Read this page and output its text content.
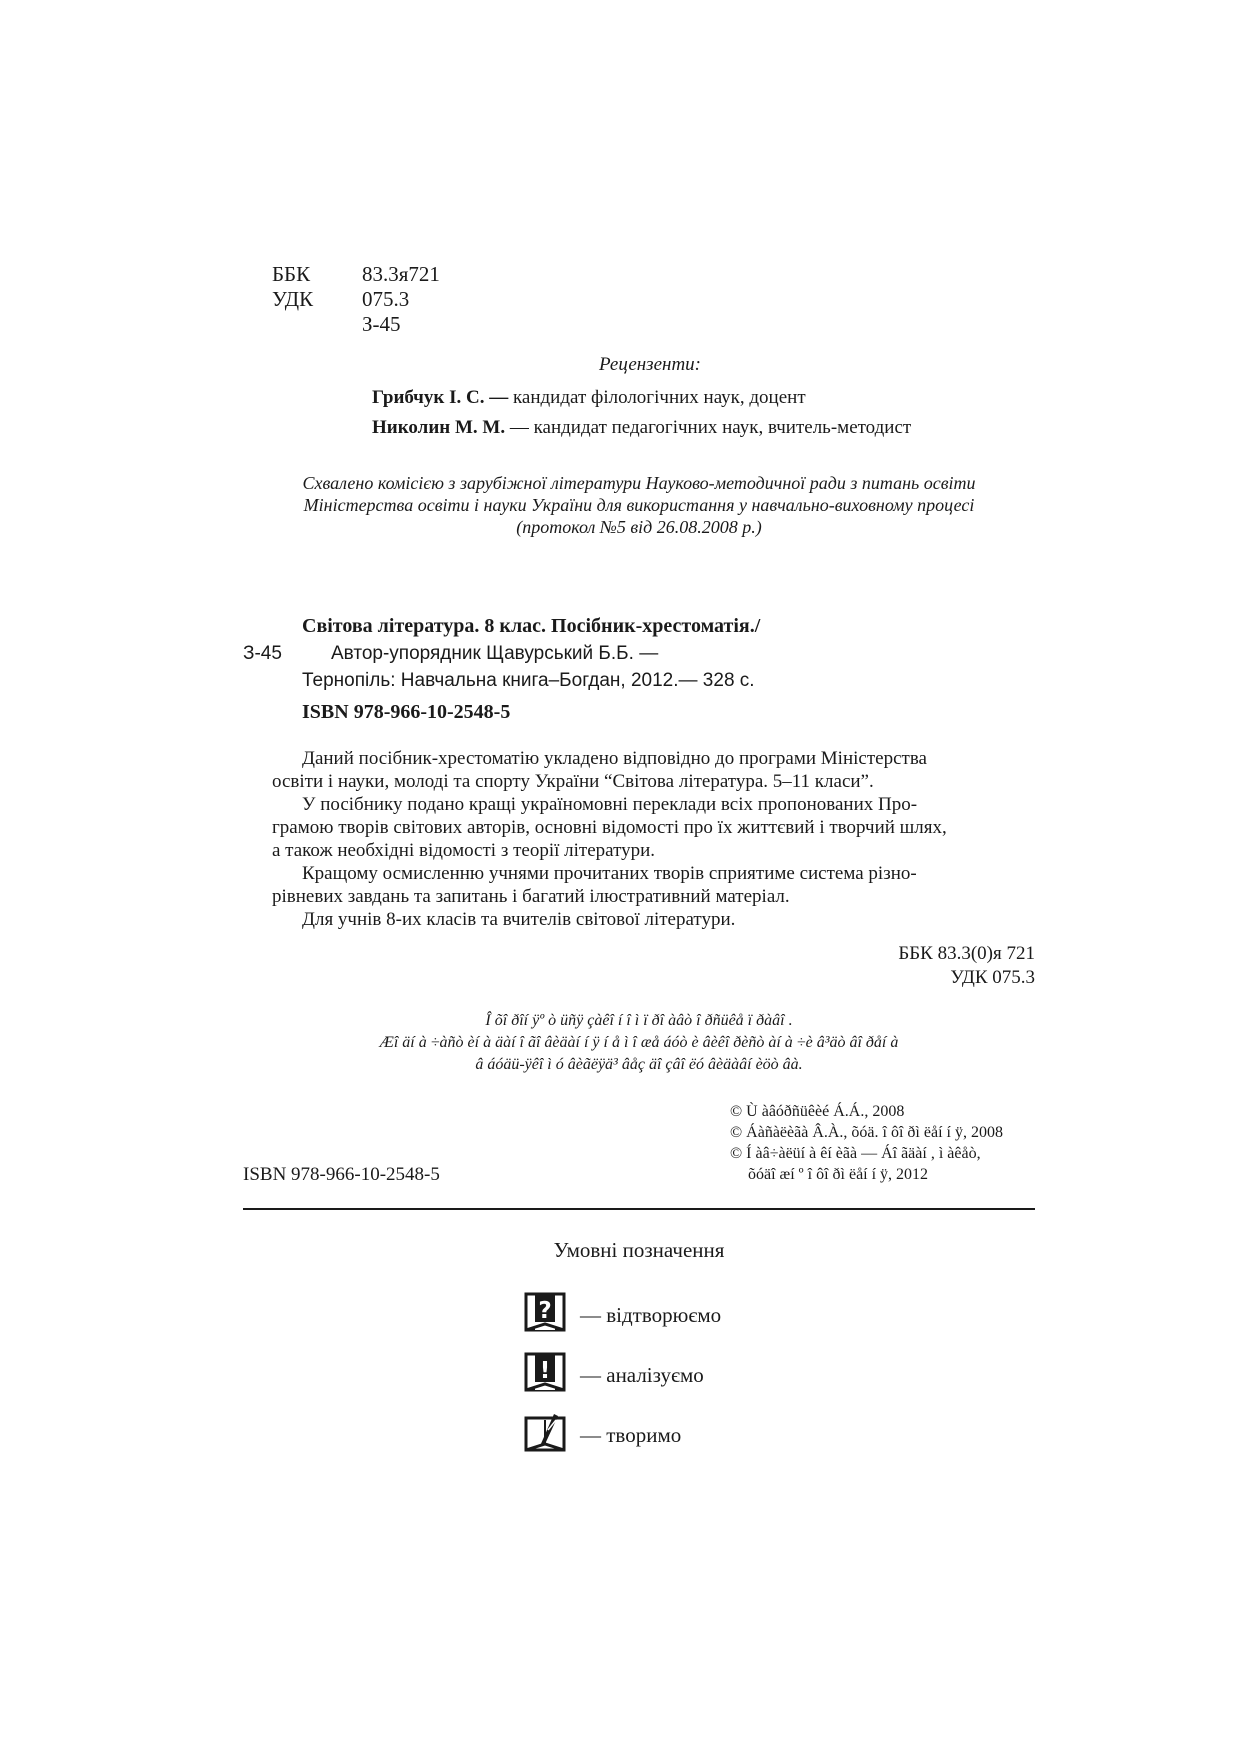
ББК 83.3я721
УДК 075.3
З-45
Рецензенти:
Грибчук І. С. — кандидат філологічних наук, доцент
Николин М. М. — кандидат педагогічних наук, вчитель-методист
Схвалено комісією з зарубіжної літератури Науково-методичної ради з питань освіти
Міністерства освіти і науки України для використання у навчально-виховному процесі
(протокол №5 від 26.08.2008 р.)
Світова література. 8 клас. Посібник-хрестоматія./
З-45	Автор-упорядник Щавурський Б.Б. —
Тернопіль: Навчальна книга–Богдан, 2012.— 328 с.
ISBN 978-966-10-2548-5
Даний посібник-хрестоматію укладено відповідно до програми Міністерства
освіти і науки, молоді та спорту України “Світова література. 5–11 класи”.
У посібнику подано кращі україномовні переклади всіх пропонованих Про-
грамою творів світових авторів, основні відомості про їх життєвий і творчий шлях,
а також необхідні відомості з теорії літератури.
Кращому осмисленню учнями прочитаних творів сприятиме система різно-
рівневих завдань та запитань і багатий ілюстративний матеріал.
Для учнів 8-их класів та вчителів світової літератури.
ББК 83.3(0)я 721
УДК 075.3
Î õî ðîí ÿº ò üñÿ çàêî í î ì ï ðî àâò î ðñüêå ï ðàâî .
Æî äí à ÷àñò èí à äàí î ãî âèäàí í ÿ í å ì î æå áóò è âèêî ðèñò àí à ÷è â³äò âî ðåí à
â áóäü-ÿêî ì ó âèãëÿä³ âåç äî çâî ëó âèäàâí èöò âà.
© Ù àâóðñüêèé Á.Á., 2008
© Áàñàëèãà Â.À., õóä. î ôî ðì ëåí í ÿ, 2008
© Í àâ÷àëüí à êí èãà — Áî ãäàí , ì àêåò,
õóäî æí º î ôî ðì ëåí í ÿ, 2012
ISBN 978-966-10-2548-5
Умовні позначення
? — відтворюємо
! — аналізуємо
— творимо
